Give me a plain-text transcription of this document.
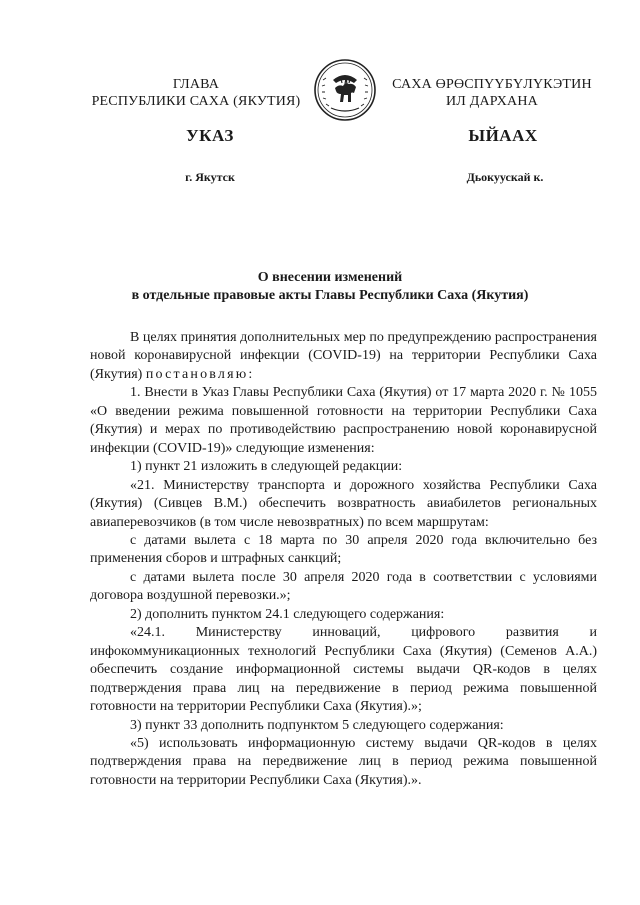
ГЛАВА
РЕСПУБЛИКИ САХА (ЯКУТИЯ)
САХА ӨРӨСПҮҮБҮЛҮКЭТИН
ИЛ ДАРХАНА
УКАЗ	ЫЙААХ
г. Якутск	Дьокуускай к.
О внесении изменений
в отдельные правовые акты Главы Республики Саха (Якутия)

В целях принятия дополнительных мер по предупреждению распространения новой коронавирусной инфекции (COVID-19) на территории Республики Саха (Якутия) постановляю:

1. Внести в Указ Главы Республики Саха (Якутия) от 17 марта 2020 г. № 1055 «О введении режима повышенной готовности на территории Республики Саха (Якутия) и мерах по противодействию распространению новой коронавирусной инфекции (COVID-19)» следующие изменения:

1) пункт 21 изложить в следующей редакции:

«21. Министерству транспорта и дорожного хозяйства Республики Саха (Якутия) (Сивцев В.М.) обеспечить возвратность авиабилетов региональных авиаперевозчиков (в том числе невозвратных) по всем маршрутам:

с датами вылета с 18 марта по 30 апреля 2020 года включительно без применения сборов и штрафных санкций;

с датами вылета после 30 апреля 2020 года в соответствии с условиями договора воздушной перевозки.»;

2) дополнить пунктом 24.1 следующего содержания:

«24.1. Министерству инноваций, цифрового развития и инфокоммуникационных технологий Республики Саха (Якутия) (Семенов А.А.) обеспечить создание информационной системы выдачи QR-кодов в целях подтверждения права лиц на передвижение в период режима повышенной готовности на территории Республики Саха (Якутия).»;

3) пункт 33 дополнить подпунктом 5 следующего содержания:

«5) использовать информационную систему выдачи QR-кодов в целях подтверждения права на передвижение лиц в период режима повышенной готовности на территории Республики Саха (Якутия).».
